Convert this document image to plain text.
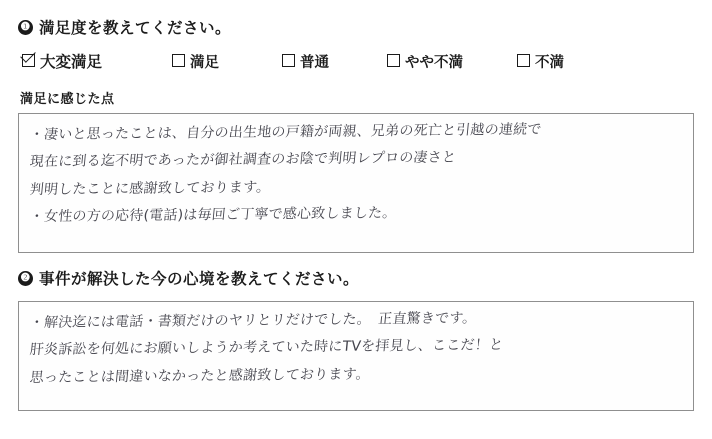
❶ 満足度を教えてください。
大変満足	満足	普通	やや不満	不満
満足に感じた点
・凄いと思ったことは、自分の出生地の戸籍が両親、兄弟の死亡と引越の連続で
現在に到る迄不明であったが御社調査のお陰で判明レプロの凄さと
判明したことに感謝致しております。
・女性の方の応待(電話)は毎回ご丁寧で感心致しました。
❷ 事件が解決した今の心境を教えてください。
・解決迄には電話・書類だけのヤリとリだけでした。　正直驚きです。
肝炎訴訟を何処にお願いしようか考えていた時にTVを拝見し、ここだ！と
思ったことは間違いなかったと感謝致しております。
